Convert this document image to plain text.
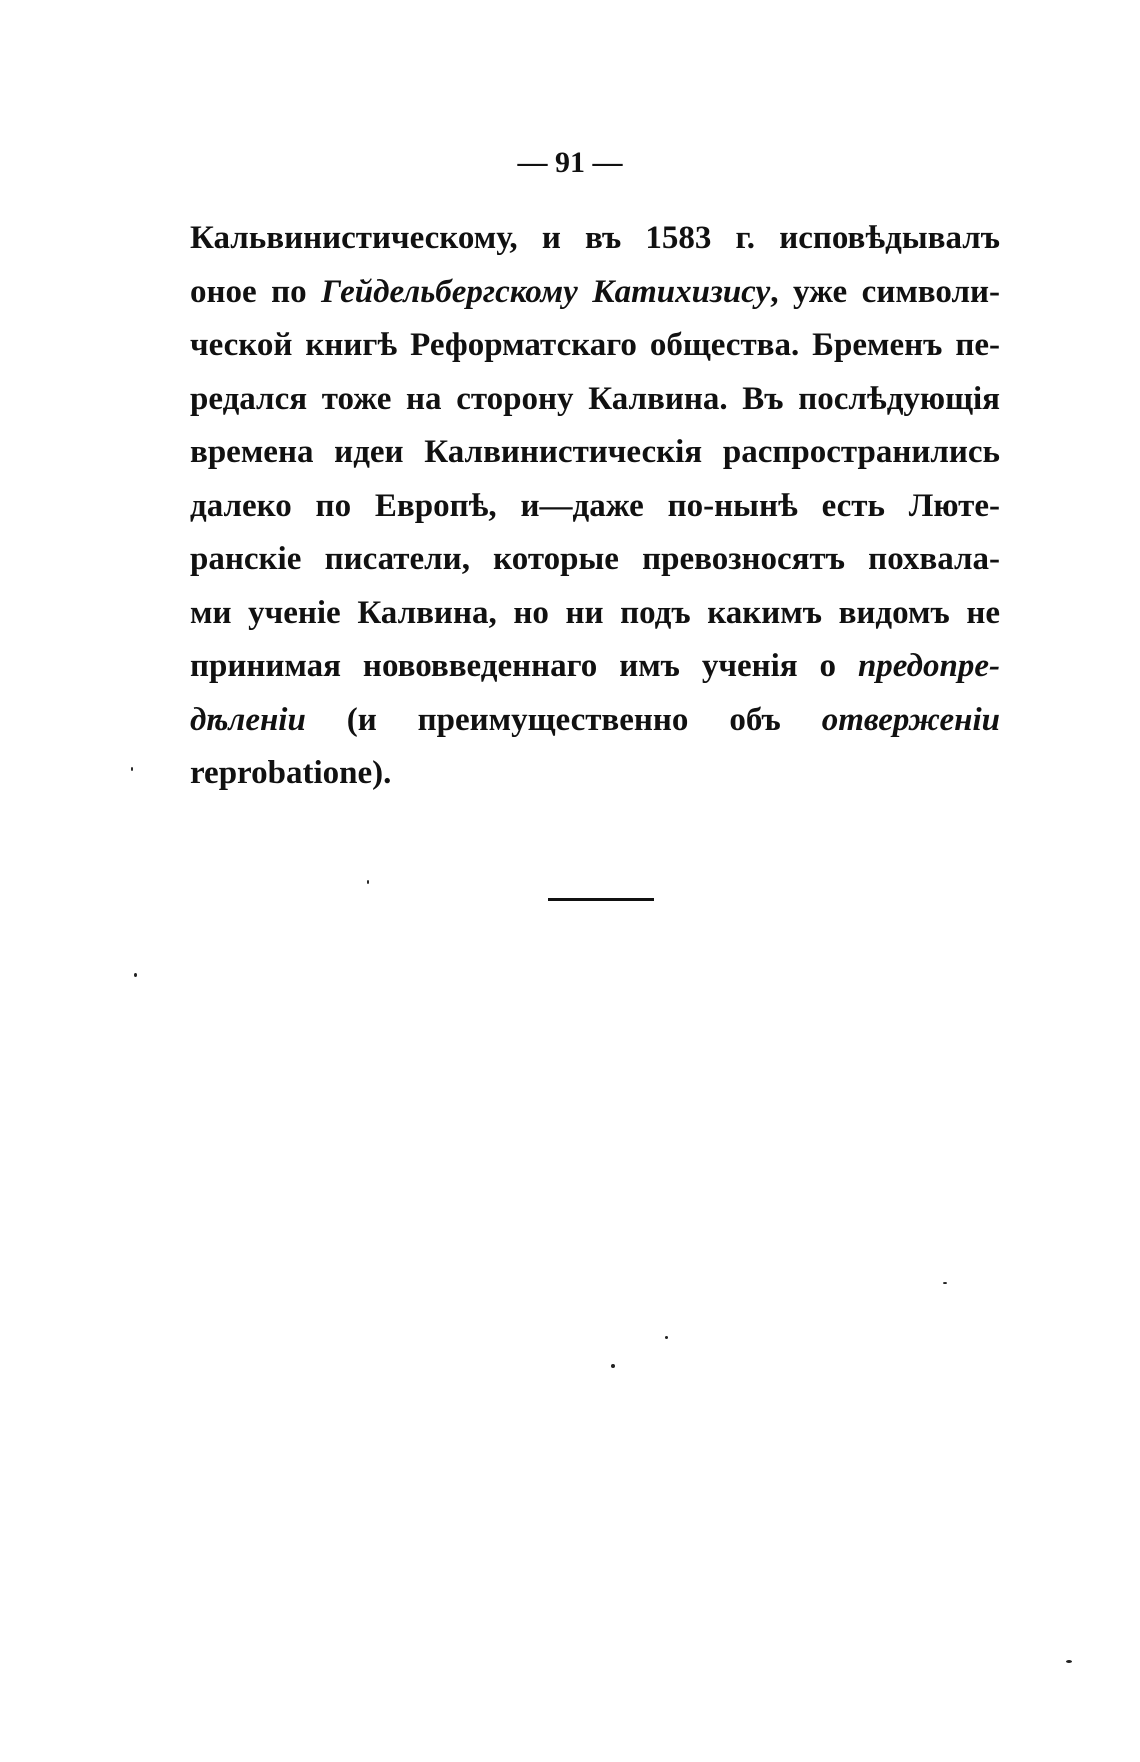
— 91 —
Кальвинистическому, и въ 1583 г. исповѣдывалъ
оное по Гейдельбергскому Катихизису, уже символи-
ческой книгѣ Реформатскаго общества. Бременъ пе-
редался тоже на сторону Калвина. Въ послѣдующія
времена идеи Калвинистическія распространились
далеко по Европѣ, и—даже по-нынѣ есть Люте-
ранскіе писатели, которые превозносятъ похвала-
ми ученіе Калвина, но ни подъ какимъ видомъ не
принимая нововведеннаго имъ ученія о предопре-
дѣленіи (и преимущественно объ отверженіи
reprobatione).
